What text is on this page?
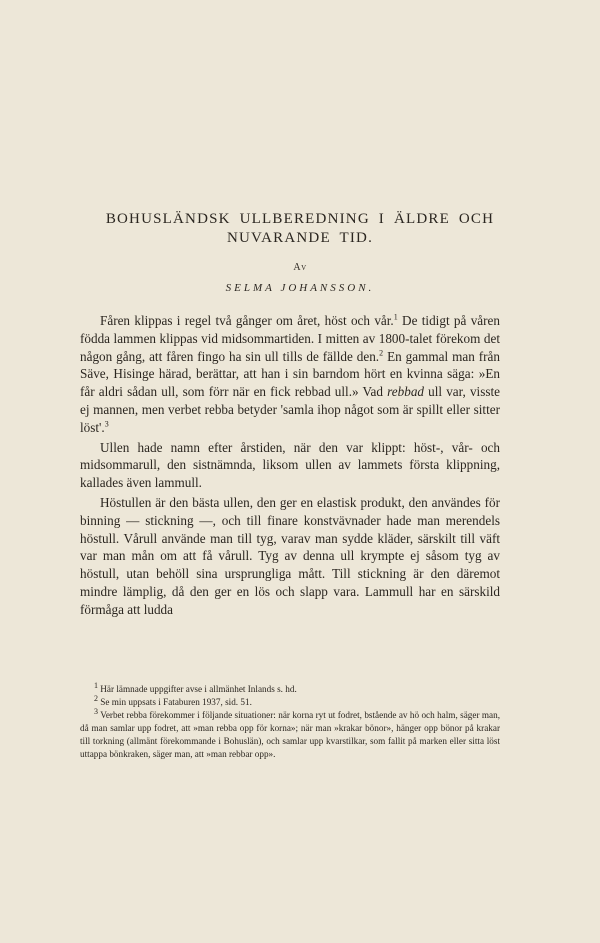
BOHUSLÄNDSK ULLBEREDNING I ÄLDRE OCH
NUVARANDE TID.
Av
SELMA JOHANSSON.

Fåren klippas i regel två gånger om året, höst och vår.$^1$ De tidigt på våren födda lammen klippas vid midsommartiden. I mitten av 1800-talet förekom det någon gång, att fåren fingo ha sin ull tills de fällde den.$^2$ En gammal man från Säve, Hisinge härad, berättar, att han i sin barndom hört en kvinna säga: »En får aldri sådan ull, som förr när en fick rebbad ull.» Vad rebbad ull var, visste ej mannen, men verbet rebba betyder 'samla ihop något som är spillt eller sitter löst'.$^3$

Ullen hade namn efter årstiden, när den var klippt: höst-, vår- och midsommarull, den sistnämnda, liksom ullen av lammets första klippning, kallades även lammull.

Höstullen är den bästa ullen, den ger en elastisk produkt, den användes för binning — stickning —, och till finare konstvävnader hade man merendels höstull. Vårull använde man till tyg, varav man sydde kläder, särskilt till väft var man mån om att få vårull. Tyg av denna ull krympte ej såsom tyg av höstull, utan behöll sina ursprungliga mått. Till stickning är den däremot mindre lämplig, då den ger en lös och slapp vara. Lammull har en särskild förmåga att ludda

$^1$ Här lämnade uppgifter avse i allmänhet Inlands s. hd.

$^2$ Se min uppsats i Fataburen 1937, sid. 51.

$^3$ Verbet rebba förekommer i följande situationer: när korna ryt ut fodret, bstående av hö och halm, säger man, då man samlar upp fodret, att »man rebba opp för korna»; när man »krakar bönor», hänger opp bönor på krakar till torkning (allmänt förekommande i Bohuslän), och samlar upp kvarstilkar, som fallit på marken eller sitta löst uttappa bönkraken, säger man, att »man rebbar opp».
